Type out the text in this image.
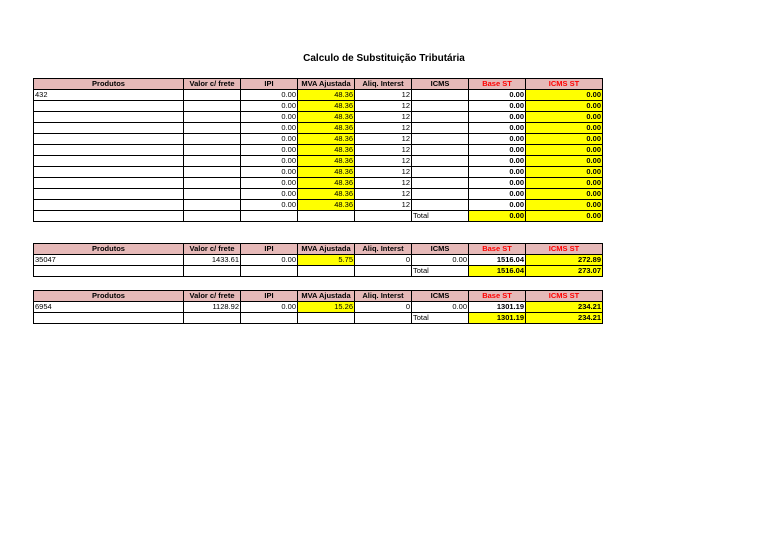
Calculo de Substituição Tributária
Produtos	Valor c/ frete	IPI	MVA Ajustada	Aliq. Interst	ICMS	Base ST	ICMS ST
432		0.00	48.36	12		0.00	0.00
		0.00	48.36	12		0.00	0.00
		0.00	48.36	12		0.00	0.00
		0.00	48.36	12		0.00	0.00
		0.00	48.36	12		0.00	0.00
		0.00	48.36	12		0.00	0.00
		0.00	48.36	12		0.00	0.00
		0.00	48.36	12		0.00	0.00
		0.00	48.36	12		0.00	0.00
		0.00	48.36	12		0.00	0.00
		0.00	48.36	12		0.00	0.00
					Total	0.00	0.00
Produtos	Valor c/ frete	IPI	MVA Ajustada	Aliq. Interst	ICMS	Base ST	ICMS ST
35047	1433.61	0.00	5.75	0	0.00	1516.04	272.89
					Total	1516.04	273.07
Produtos	Valor c/ frete	IPI	MVA Ajustada	Aliq. Interst	ICMS	Base ST	ICMS ST
6954	1128.92	0.00	15.26	0	0.00	1301.19	234.21
					Total	1301.19	234.21
